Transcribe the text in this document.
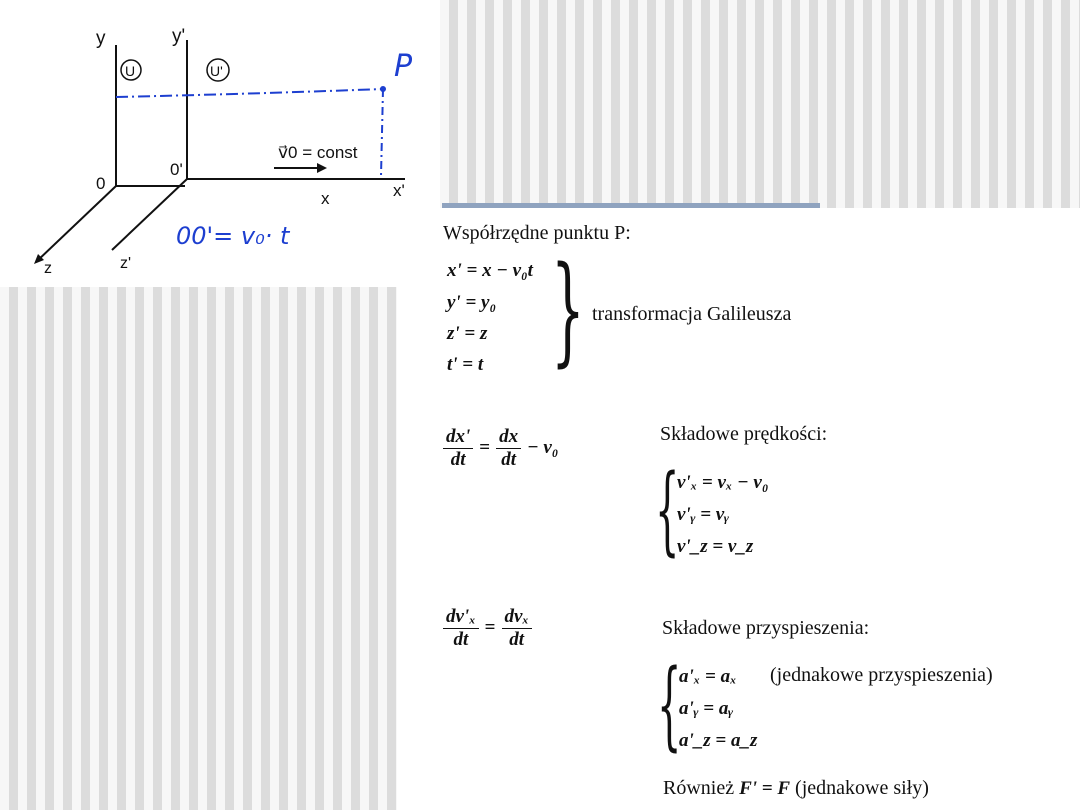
y	y'
U	U'
0
0'
x	x'
z	z'
v⃗0 = const
P
00'= v₀· t	Współrzędne punktu P:
x' = x − v₀t
y' = y₀
z' = z
t' = t } transformacja Galileusza
$\frac{dx'}{dt} = \frac{dx}{dt} - v_0$
Składowe prędkości:
{
v'ₓ = vₓ − v₀
v'ᵧ = vᵧ
v'_z = v_z
$\frac{\text{dv'ₓ}}{dt} = \frac{\text{dvₓ}}{dt}$	Składowe przyspieszenia:
{
a'ₓ = aₓ (jednakowe przyspieszenia)
a'ᵧ = aᵧ
a'_z = a_z
Również F' = F (jednakowe siły)
